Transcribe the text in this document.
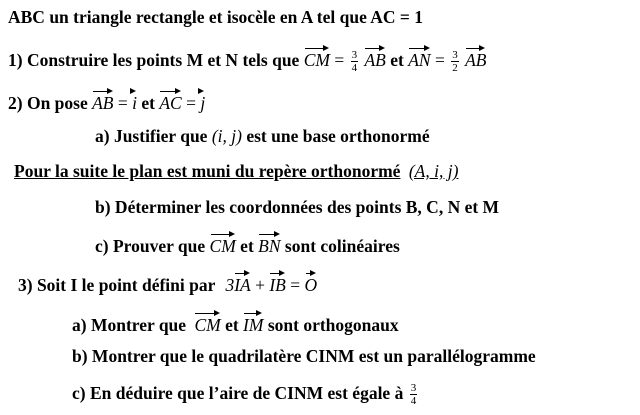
ABC un triangle rectangle et isocèle en A tel que AC = 1
1) Construire les points M et N tels que CM = $\frac{3}{4}$ AB et AN = $\frac{3}{2}$ AB
2) On pose AB = i et AC = j
a) Justifier que (i, j) est une base orthonormé
Pour la suite le plan est muni du repère orthonormé (A, i, j)
b) Déterminer les coordonnées des points B, C, N et M
c) Prouver que CM et BN sont colinéaires
3) Soit I le point défini par 3IA + IB = O
a) Montrer que CM et IM sont orthogonaux
b) Montrer que le quadrilatère CINM est un parallélogramme
c) En déduire que l’aire de CINM est égale à $\frac{3}{4}$
